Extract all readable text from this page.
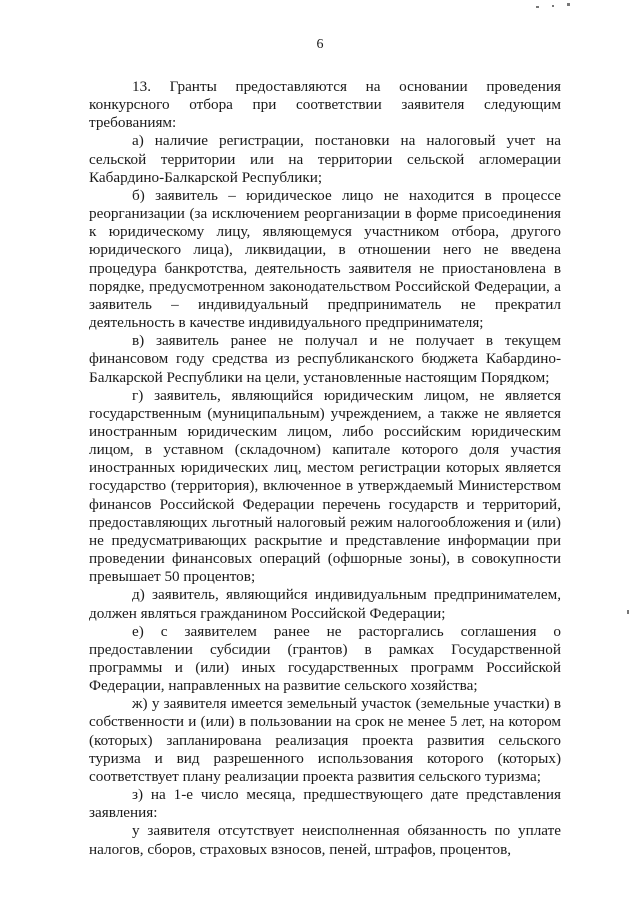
6

13. Гранты предоставляются на основании проведения конкурсного отбора при соответствии заявителя следующим требованиям:

а) наличие регистрации, постановки на налоговый учет на сельской территории или на территории сельской агломерации Кабардино-Балкарской Республики;

б) заявитель – юридическое лицо не находится в процессе реорганизации (за исключением реорганизации в форме присоединения к юридическому лицу, являющемуся участником отбора, другого юридического лица), ликвидации, в отношении него не введена процедура банкротства, деятельность заявителя не приостановлена в порядке, предусмотренном законодательством Российской Федерации, а заявитель – индивидуальный предприниматель не прекратил деятельность в качестве индивидуального предпринимателя;

в) заявитель ранее не получал и не получает в текущем финансовом году средства из республиканского бюджета Кабардино-Балкарской Республики на цели, установленные настоящим Порядком;

г) заявитель, являющийся юридическим лицом, не является государственным (муниципальным) учреждением, а также не является иностранным юридическим лицом, либо российским юридическим лицом, в уставном (складочном) капитале которого доля участия иностранных юридических лиц, местом регистрации которых является государство (территория), включенное в утверждаемый Министерством финансов Российской Федерации перечень государств и территорий, предоставляющих льготный налоговый режим налогообложения и (или) не предусматривающих раскрытие и представление информации при проведении финансовых операций (офшорные зоны), в совокупности превышает 50 процентов;

д) заявитель, являющийся индивидуальным предпринимателем, должен являться гражданином Российской Федерации;

е) с заявителем ранее не расторгались соглашения о предоставлении субсидии (грантов) в рамках Государственной программы и (или) иных государственных программ Российской Федерации, направленных на развитие сельского хозяйства;

ж) у заявителя имеется земельный участок (земельные участки) в собственности и (или) в пользовании на срок не менее 5 лет, на котором (которых) запланирована реализация проекта развития сельского туризма и вид разрешенного использования которого (которых) соответствует плану реализации проекта развития сельского туризма;

з) на 1-е число месяца, предшествующего дате представления заявления:

у заявителя отсутствует неисполненная обязанность по уплате налогов, сборов, страховых взносов, пеней, штрафов, процентов,
